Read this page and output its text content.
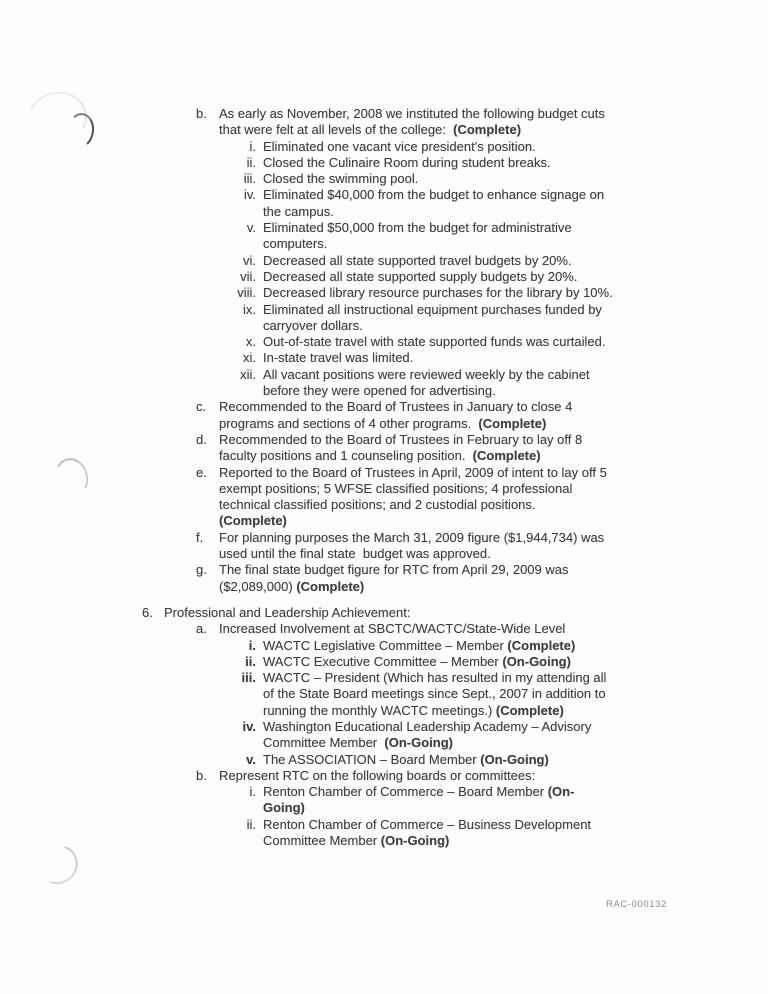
b. As early as November, 2008 we instituted the following budget cuts
that were felt at all levels of the college:  (Complete)
i. Eliminated one vacant vice president's position.
ii. Closed the Culinaire Room during student breaks.
iii. Closed the swimming pool.
iv. Eliminated $40,000 from the budget to enhance signage on
the campus.
v. Eliminated $50,000 from the budget for administrative
computers.
vi. Decreased all state supported travel budgets by 20%.
vii. Decreased all state supported supply budgets by 20%.
viii. Decreased library resource purchases for the library by 10%.
ix. Eliminated all instructional equipment purchases funded by
carryover dollars.
x. Out-of-state travel with state supported funds was curtailed.
xi. In-state travel was limited.
xii. All vacant positions were reviewed weekly by the cabinet
before they were opened for advertising.
c. Recommended to the Board of Trustees in January to close 4
programs and sections of 4 other programs.  (Complete)
d. Recommended to the Board of Trustees in February to lay off 8
faculty positions and 1 counseling position.  (Complete)
e. Reported to the Board of Trustees in April, 2009 of intent to lay off 5
exempt positions; 5 WFSE classified positions; 4 professional
technical classified positions; and 2 custodial positions.
(Complete)
f.	For planning purposes the March 31, 2009 figure ($1,944,734) was
used until the final state  budget was approved.
g. The final state budget figure for RTC from April 29, 2009 was
($2,089,000) (Complete)
6. Professional and Leadership Achievement:
a. Increased Involvement at SBCTC/WACTC/State-Wide Level
i. WACTC Legislative Committee – Member (Complete)
ii. WACTC Executive Committee – Member (On-Going)
iii. WACTC – President (Which has resulted in my attending all
of the State Board meetings since Sept., 2007 in addition to
running the monthly WACTC meetings.) (Complete)
iv. Washington Educational Leadership Academy – Advisory
Committee Member  (On-Going)
v. The ASSOCIATION – Board Member (On-Going)
b. Represent RTC on the following boards or committees:
i. Renton Chamber of Commerce – Board Member (On-
Going)
ii. Renton Chamber of Commerce – Business Development
Committee Member (On-Going)
RAC-000132
